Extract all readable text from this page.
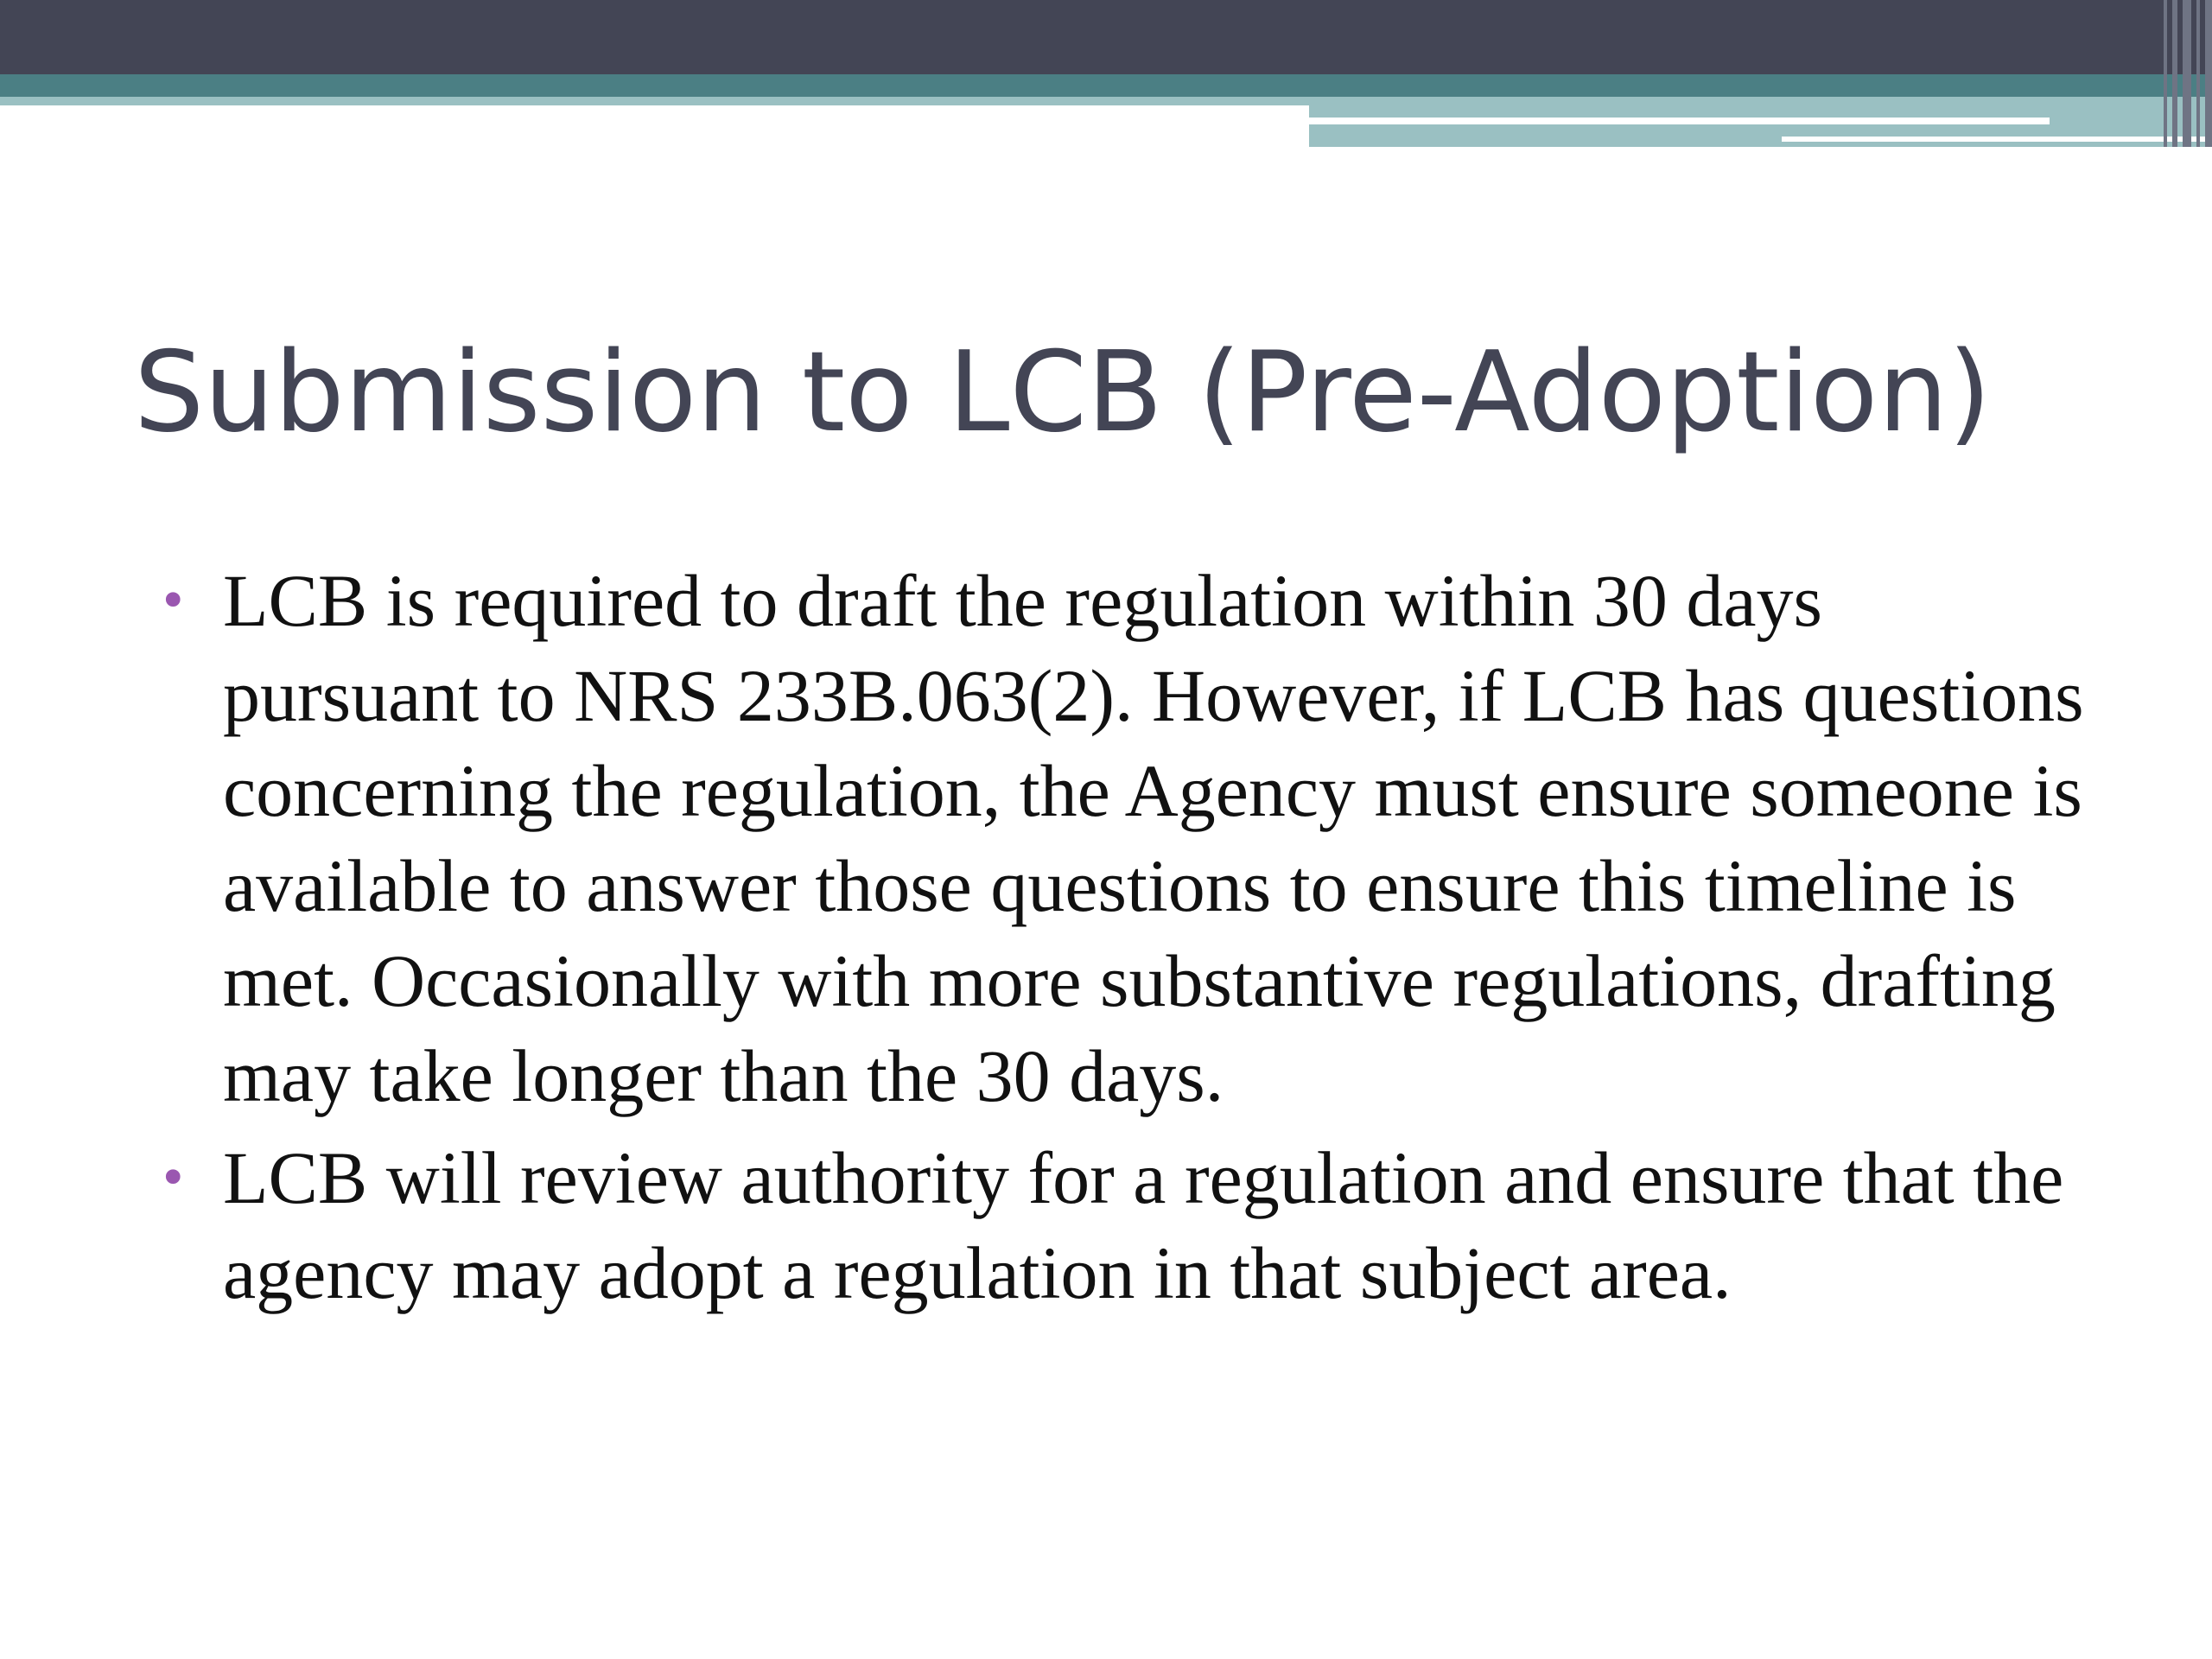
Submission to LCB (Pre-Adoption)
• LCB is required to draft the regulation within 30 days pursuant to NRS 233B.063(2). However, if LCB has questions concerning the regulation, the Agency must ensure someone is available to answer those questions to ensure this timeline is met. Occasionally with more substantive regulations, drafting may take longer than the 30 days.
• LCB will review authority for a regulation and ensure that the agency may adopt a regulation in that subject area.
